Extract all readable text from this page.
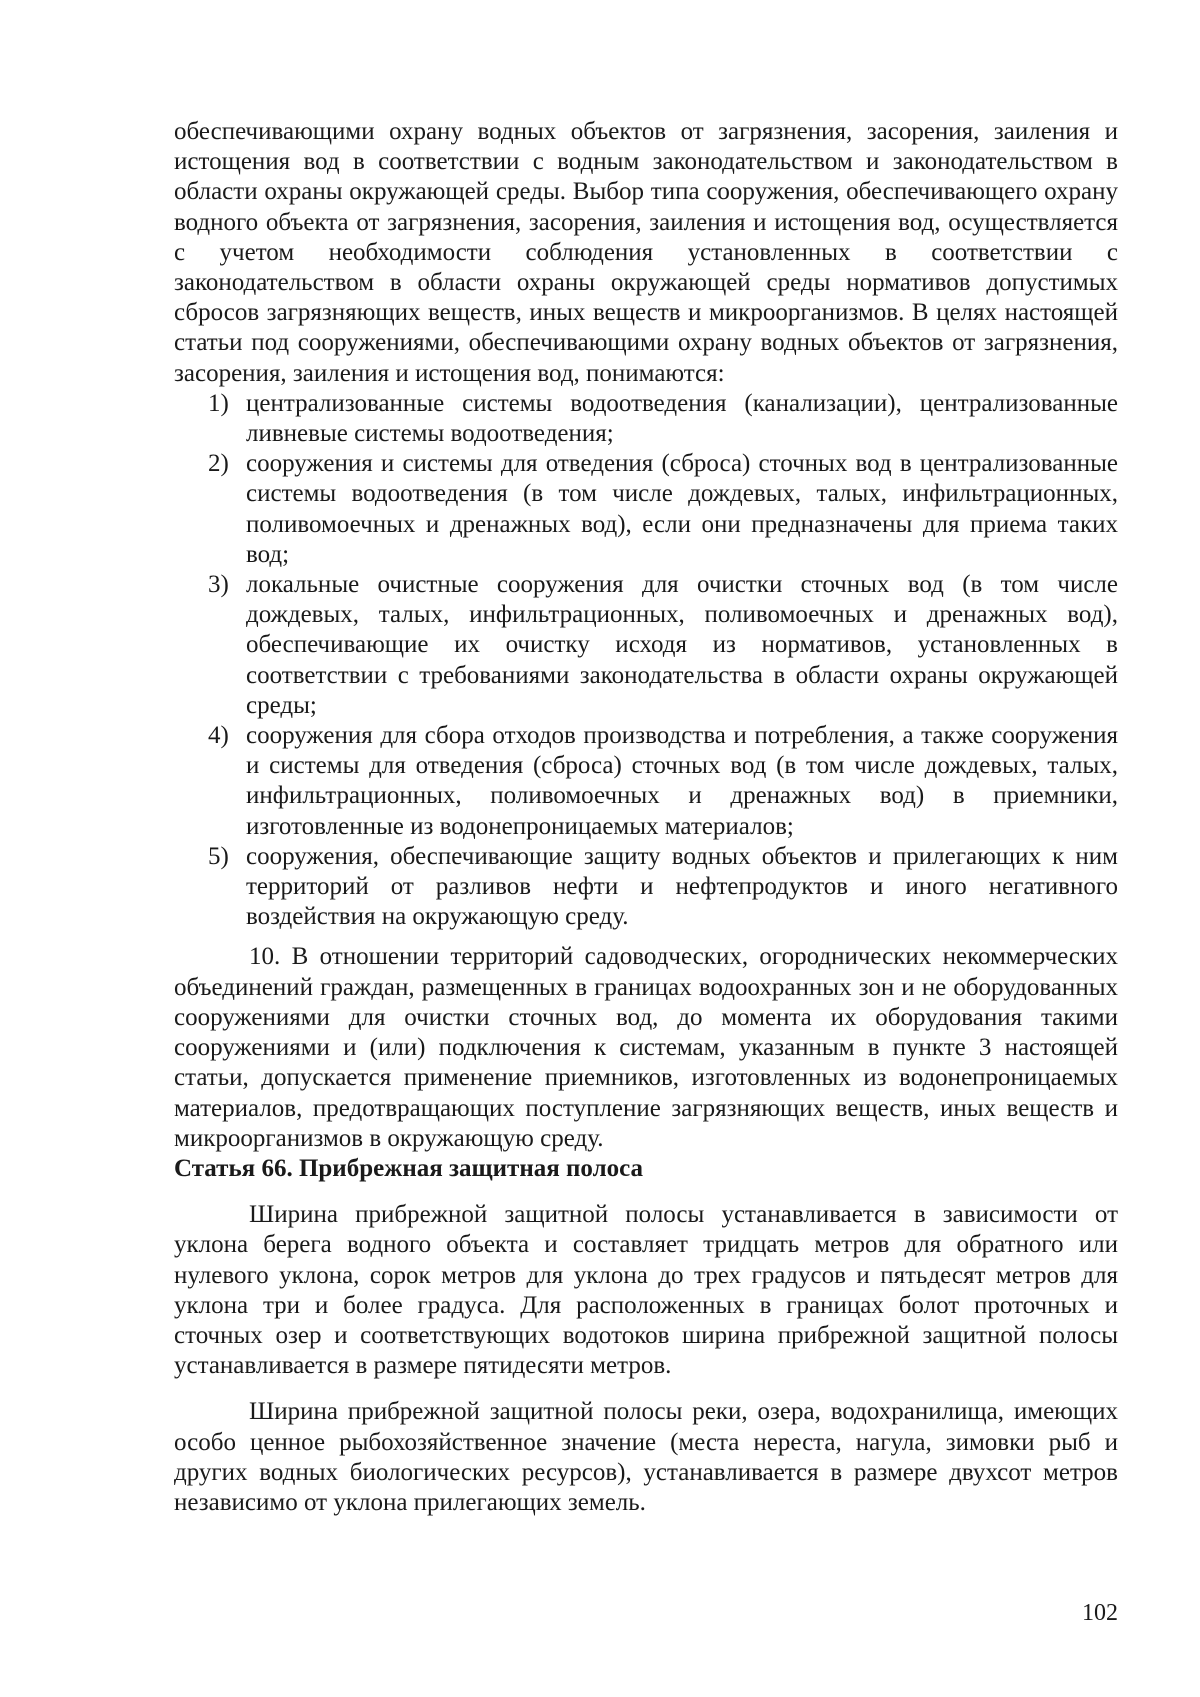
обеспечивающими охрану водных объектов от загрязнения, засорения, заиления и истощения вод в соответствии с водным законодательством и законодательством в области охраны окружающей среды. Выбор типа сооружения, обеспечивающего охрану водного объекта от загрязнения, засорения, заиления и истощения вод, осуществляется с учетом необходимости соблюдения установленных в соответствии с законодательством в области охраны окружающей среды нормативов допустимых сбросов загрязняющих веществ, иных веществ и микроорганизмов. В целях настоящей статьи под сооружениями, обеспечивающими охрану водных объектов от загрязнения, засорения, заиления и истощения вод, понимаются:

1) централизованные системы водоотведения (канализации), централизованные ливневые системы водоотведения;
2) сооружения и системы для отведения (сброса) сточных вод в централизованные системы водоотведения (в том числе дождевых, талых, инфильтрационных, поливомоечных и дренажных вод), если они предназначены для приема таких вод;
3) локальные очистные сооружения для очистки сточных вод (в том числе дождевых, талых, инфильтрационных, поливомоечных и дренажных вод), обеспечивающие их очистку исходя из нормативов, установленных в соответствии с требованиями законодательства в области охраны окружающей среды;
4) сооружения для сбора отходов производства и потребления, а также сооружения и системы для отведения (сброса) сточных вод (в том числе дождевых, талых, инфильтрационных, поливомоечных и дренажных вод) в приемники, изготовленные из водонепроницаемых материалов;
5) сооружения, обеспечивающие защиту водных объектов и прилегающих к ним территорий от разливов нефти и нефтепродуктов и иного негативного воздействия на окружающую среду.

10. В отношении территорий садоводческих, огороднических некоммерческих объединений граждан, размещенных в границах водоохранных зон и не оборудованных сооружениями для очистки сточных вод, до момента их оборудования такими сооружениями и (или) подключения к системам, указанным в пункте 3 настоящей статьи, допускается применение приемников, изготовленных из водонепроницаемых материалов, предотвращающих поступление загрязняющих веществ, иных веществ и микроорганизмов в окружающую среду.

Статья 66. Прибрежная защитная полоса

Ширина прибрежной защитной полосы устанавливается в зависимости от уклона берега водного объекта и составляет тридцать метров для обратного или нулевого уклона, сорок метров для уклона до трех градусов и пятьдесят метров для уклона три и более градуса. Для расположенных в границах болот проточных и сточных озер и соответствующих водотоков ширина прибрежной защитной полосы устанавливается в размере пятидесяти метров.

Ширина прибрежной защитной полосы реки, озера, водохранилища, имеющих особо ценное рыбохозяйственное значение (места нереста, нагула, зимовки рыб и других водных биологических ресурсов), устанавливается в размере двухсот метров независимо от уклона прилегающих земель.

102
